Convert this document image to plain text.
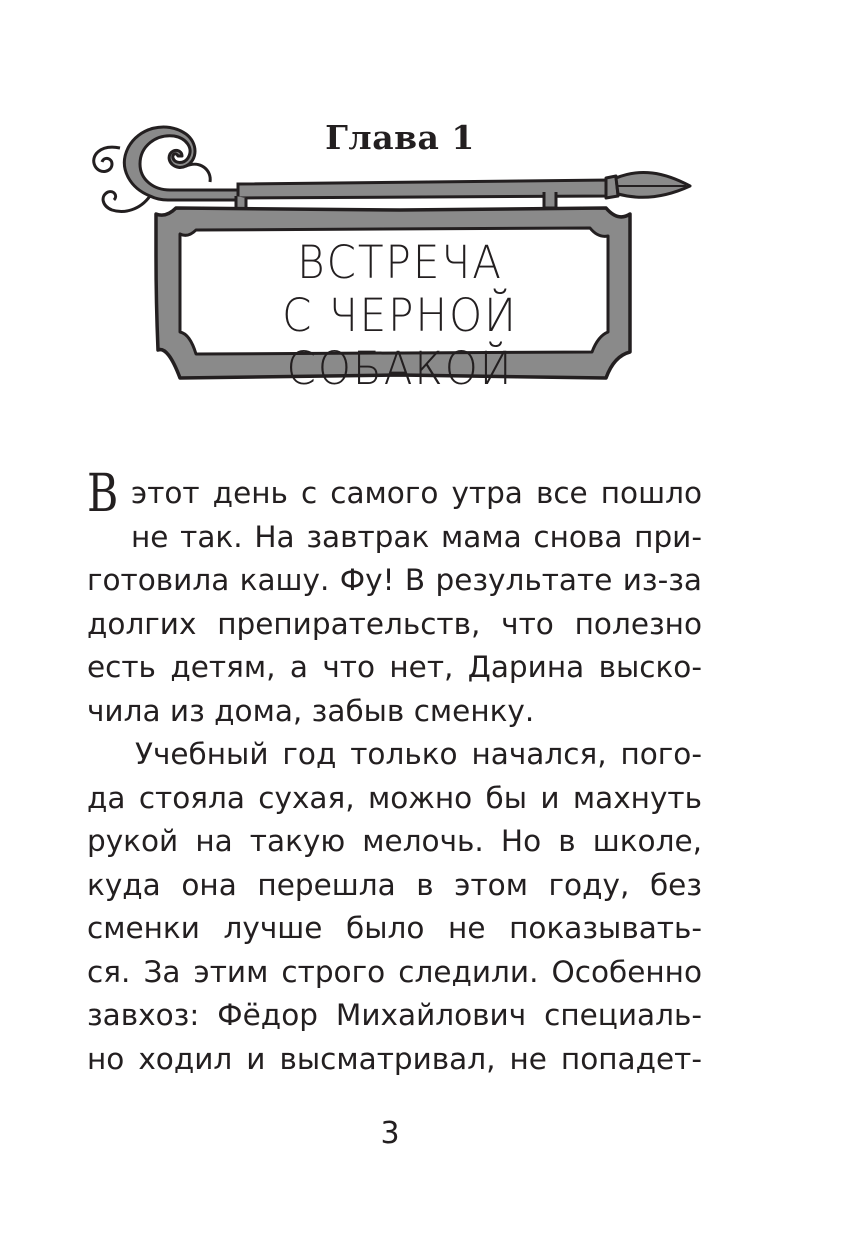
Глава 1
ВСТРЕЧА
С ЧЕРНОЙ СОБАКОЙ
В этот день с самого утра все пошло
не так. На завтрак мама снова при-
готовила кашу. Фу! В результате из-за
долгих препирательств, что полезно
есть детям, а что нет, Дарина выско-
чила из дома, забыв сменку.
Учебный год только начался, пого-
да стояла сухая, можно бы и махнуть
рукой на такую мелочь. Но в школе,
куда она перешла в этом году, без
сменки лучше было не показывать-
ся. За этим строго следили. Особенно
завхоз: Фёдор Михайлович специаль-
но ходил и высматривал, не попадет-
3
